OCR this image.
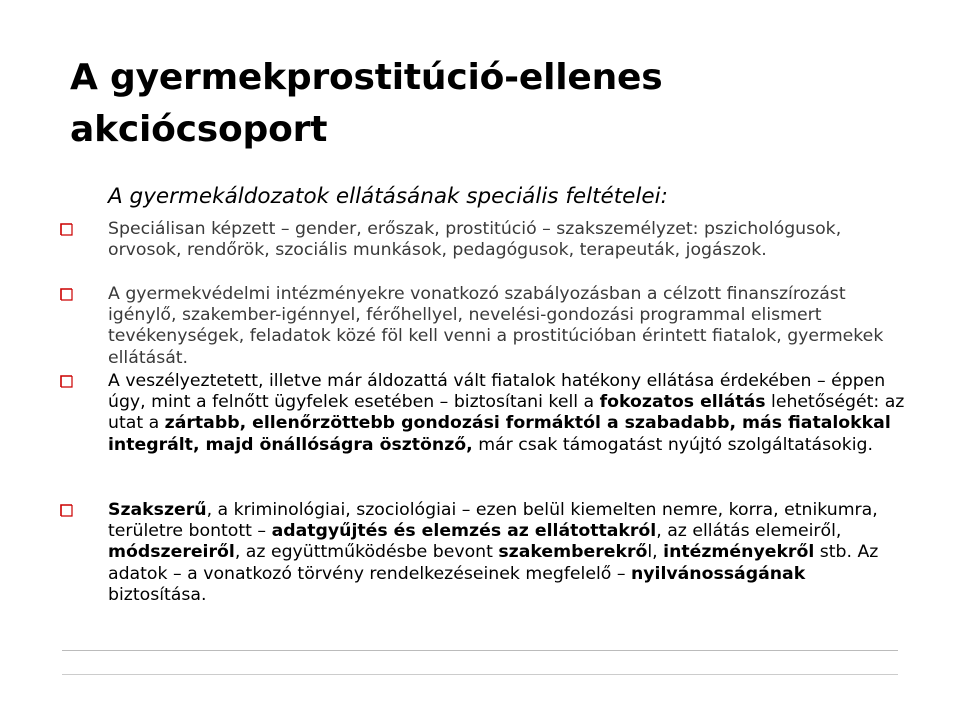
A gyermekprostitúció-ellenes akciócsoport
A gyermekáldozatok ellátásának speciális feltételei:
Speciálisan képzett – gender, erőszak, prostitúció – szakszemélyzet: pszichológusok, orvosok, rendőrök, szociális munkások, pedagógusok, terapeuták, jogászok.
A gyermekvédelmi intézményekre vonatkozó szabályozásban a célzott finanszírozást igénylő, szakember-igénnyel, férőhellyel, nevelési-gondozási programmal elismert tevékenységek, feladatok közé föl kell venni a prostitúcióban érintett fiatalok, gyermekek ellátását.
A veszélyeztetett, illetve már áldozattá vált fiatalok hatékony ellátása érdekében – éppen úgy, mint a felnőtt ügyfelek esetében – biztosítani kell a fokozatos ellátás lehetőségét: az utat a zártabb, ellenőrzöttebb gondozási formáktól a szabadabb, más fiatalokkal integrált, majd önállóságra ösztönző, már csak támogatást nyújtó szolgáltatásokig.
Szakszerű, a kriminológiai, szociológiai – ezen belül kiemelten nemre, korra, etnikumra, területre bontott – adatgyűjtés és elemzés az ellátottakról, az ellátás elemeiről, módszereiről, az együttműködésbe bevont szakemberekről, intézményekről stb. Az adatok – a vonatkozó törvény rendelkezéseinek megfelelő – nyilvánosságának biztosítása.
